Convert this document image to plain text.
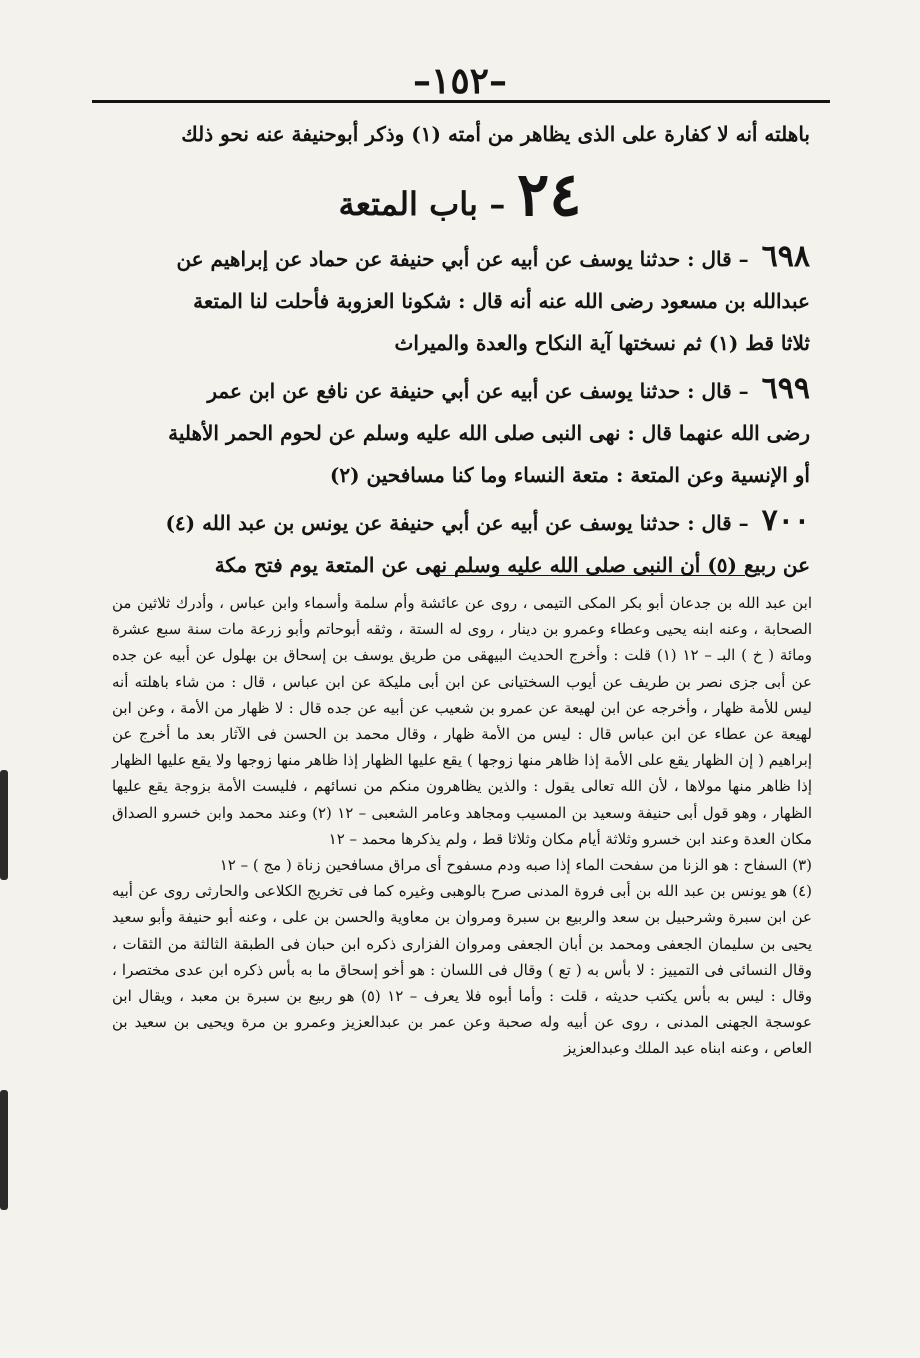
–١٥٢–
باهلته أنه لا كفارة على الذى يظاهر من أمته (١) وذكر أبوحنيفة عنه نحو ذلك
٢٤ – باب المتعة

٦٩٨ – قال : حدثنا يوسف عن أبيه عن أبي حنيفة عن حماد عن إبراهيم عن عبدالله بن مسعود رضى الله عنه أنه قال : شكونا العزوبة فأحلت لنا المتعة ثلاثا قط (١) ثم نسختها آية النكاح والعدة والميراث

٦٩٩ – قال : حدثنا يوسف عن أبيه عن أبي حنيفة عن نافع عن ابن عمر رضى الله عنهما قال : نهى النبى صلى الله عليه وسلم عن لحوم الحمر الأهلية أو الإنسية وعن المتعة : متعة النساء وما كنا مسافحين (٢)

٧٠٠ – قال : حدثنا يوسف عن أبيه عن أبي حنيفة عن يونس بن عبد الله (٤) عن ربيع (٥) أن النبى صلى الله عليه وسلم نهى عن المتعة يوم فتح مكة

ابن عبد الله بن جدعان أبو بكر المكى التيمى ، روى عن عائشة وأم سلمة وأسماء وابن عباس ، وأدرك ثلاثين من الصحابة ، وعنه ابنه يحيى وعطاء وعمرو بن دينار ، روى له الستة ، وثقه أبوحاتم وأبو زرعة مات سنة سبع عشرة ومائة ( خ ) البـ – ١٢ (١) قلت : وأخرج الحديث البيهقى من طريق يوسف بن إسحاق بن بهلول عن أبيه عن جده عن أبى جزى نصر بن طريف عن أيوب السختيانى عن ابن أبى مليكة عن ابن عباس ، قال : من شاء باهلته أنه ليس للأمة ظهار ، وأخرجه عن ابن لهيعة عن عمرو بن شعيب عن أبيه عن جده قال : لا ظهار من الأمة ، وعن ابن لهيعة عن عطاء عن ابن عباس قال : ليس من الأمة ظهار ، وقال محمد بن الحسن فى الآثار بعد ما أخرج عن إبراهيم ( إن الظهار يقع على الأمة إذا ظاهر منها زوجها ) يقع عليها الظهار إذا ظاهر منها زوجها ولا يقع عليها الظهار إذا ظاهر منها مولاها ، لأن الله تعالى يقول : والذين يظاهرون منكم من نسائهم ، فليست الأمة بزوجة يقع عليها الظهار ، وهو قول أبى حنيفة وسعيد بن المسيب ومجاهد وعامر الشعبى – ١٢ (٢) وعند محمد وابن خسرو الصداق مكان العدة وعند ابن خسرو وثلاثة أيام مكان وثلاثا قط ، ولم يذكرها محمد – ١٢
(٣) السفاح : هو الزنا من سفحت الماء إذا صبه ودم مسفوح أى مراق مسافحين زناة ( مج ) – ١٢
(٤) هو يونس بن عبد الله بن أبى فروة المدنى صرح بالوهبى وغيره كما فى تخريج الكلاعى والحارثى روى عن أبيه عن ابن سبرة وشرحبيل بن سعد والربيع بن سبرة ومروان بن معاوية والحسن بن على ، وعنه أبو حنيفة وأبو سعيد يحيى بن سليمان الجعفى ومحمد بن أبان الجعفى ومروان الفزارى ذكره ابن حبان فى الطبقة الثالثة من الثقات ، وقال النسائى فى التمييز : لا بأس به ( تع ) وقال فى اللسان : هو أخو إسحاق ما به بأس ذكره ابن عدى مختصرا ، وقال : ليس به بأس يكتب حديثه ، قلت : وأما أبوه فلا يعرف – ١٢ (٥) هو ربيع بن سبرة بن معبد ، ويقال ابن عوسجة الجهنى المدنى ، روى عن أبيه وله صحبة وعن عمر بن عبدالعزيز وعمرو بن مرة ويحيى بن سعيد بن العاص ، وعنه ابناه عبد الملك وعبدالعزيز
